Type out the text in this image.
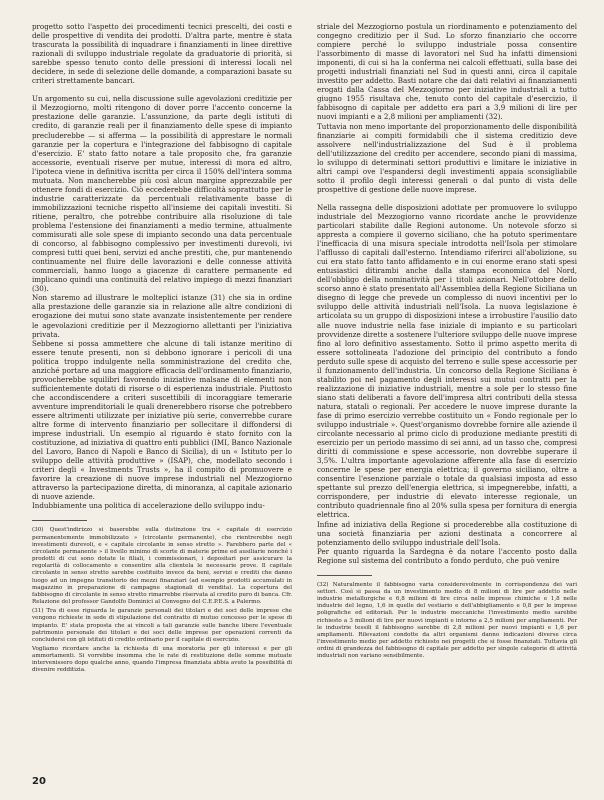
progetto sotto l'aspetto dei procedimenti tecnici prescelti, dei costi e delle prospettive di vendita dei prodotti. D'altra parte, mentre è stata trascurata la possibilità di inquadrare i finanziamenti in linee direttive razionali di sviluppo industriale regolate da graduatorie di priorità, si sarebbe spesso tenuto conto delle pressioni di interessi locali nel decidere, in sede di selezione delle domande, a comparazioni basate su criteri strettamente bancari.

Un argomento su cui, nella discussione sulle agevolazioni creditizie per il Mezzogiorno, molti ritengono di dover porre l'accento concerne la prestazione delle garanzie. L'assunzione, da parte degli istituti di credito, di garanzie reali per il finanziamento delle spese di impianto precluderebbe — si afferma — la possibilità di apprestare le normali garanzie per la copertura e l'integrazione del fabbisogno di capitale d'esercizio. E' stato fatto notare a tale proposito che, fra garanzie accessorie, eventuali riserve per mutue, interessi di mora ed altro, l'ipoteca viene in definitiva iscritta per circa il 150% dell'intera somma mutuata. Non mancherebbe più così alcun margine apprezzabile per ottenere fondi di esercizio. Ciò eccederebbe difficoltà soprattutto per le industrie caratterizzate da percentuali relativamente basse di immobilizzazioni tecniche rispetto all'insieme dei capitali investiti. Si ritiene, peraltro, che potrebbe contribuire alla risoluzione di tale problema l'estensione dei finanziamenti a medio termine, attualmente commisurati alle sole spese di impianto secondo una data percentuale di concorso, al fabbisogno complessivo per investimenti durevoli, ivi compresi tutti quei beni, servizi ed anche prestiti, che, pur mantenendo continuamente nel fluire delle lavorazioni e delle connesse attività commerciali, hanno luogo a giacenze di carattere permanente ed implicano quindi una continuità del relativo impiego di mezzi finanziari (30).

Non staremo ad illustrare le molteplici istanze (31) che sia in ordine alla prestazione delle garanzie sia in relazione alle altre condizioni di erogazione dei mutui sono state avanzate insistentemente per rendere le agevolazioni creditizie per il Mezzogiorno allettanti per l'iniziativa privata.

Sebbene si possa ammettere che alcune di tali istanze meritino di essere tenute presenti, non si debbono ignorare i pericoli di una politica troppo indulgente nella somministrazione del credito che, anziché portare ad una maggiore efficacia dell'ordinamento finanziario, provocherebbe squilibri favorendo iniziative malsane di elementi non sufficientemente dotati di risorse o di esperienza industriale. Piuttosto che accondiscendere a criteri suscettibili di incoraggiare temerarie avventure imprenditoriali le quali drenerebbero risorse che potrebbero essere altrimenti utilizzate per iniziative più serie, converrebbe curare altre forme di intervento finanziario per sollecitare il diffondersi di imprese industriali. Un esempio al riguardo è stato fornito con la costituzione, ad iniziativa di quattro enti pubblici (IMI, Banco Nazionale del Lavoro, Banco di Napoli e Banco di Sicilia), di un « Istituto per lo sviluppo delle attività produttive » (ISAP), che, modellato secondo i criteri degli « Investments Trusts », ha il compito di promuovere e favorire la creazione di nuove imprese industriali nel Mezzogiorno attraverso la partecipazione diretta, di minoranza, al capitale azionario di nuove aziende.

Indubbiamente una politica di accelerazione dello sviluppo indu-

(30) Quest'indirizzo si baserebbe sulla distinzione tra « capitale di esercizio permanentemente immobilizzato » (circolante permanente), che rientrerebbe negli investimenti durevoli, e « capitale circolante in senso stretto ». Farebbero parte del « circolante permanente » il livello minimo di scorte di materie prime ed ausiliarie nonché i prodotti di cui sono dotate le filiali, i commissionari, i depositari per assicurare la regolarità di collocamento e consentire alla clientela le necessarie prove. Il capitale circolante in senso stretto sarebbe costituito invece da beni, servizi e crediti che danno luogo ad un impegno transitorio dei mezzi finanziari (ad esempio prodotti accumulati in magazzino in preparazione di campagne stagionali di vendita). La copertura del fabbisogno di circolante in senso stretto rimarrebbe riservata al credito puro di banca. Cfr. Relazione del professor Gandolfo Dominici al Convegno del C.E.P.E.S. a Palermo.

(31) Tra di esse riguarda le garanzie personali dei titolari e dei soci delle imprese che vengono richieste in sede di stipulazione del contratto di mutuo concesso per le spese di impianto. E' stata proposta che ai vincoli a tali garanzie sulle banche libere l'eventuale patrimonio personale dei titolari e dei soci delle imprese per operazioni correnti da concludersi con gli istituti di credito ordinario per il capitale di esercizio.

Vogliamo ricordare anche la richiesta di una moratoria per gli interessi e per gli ammortamenti. Si vorrebbe insomma che le rate di restituzione delle somme mutuate intervenissero dopo qualche anno, quando l'impresa finanziata abbia avuto la possibilità di divenire redditizia.

striale del Mezzogiorno postula un riordinamento e potenziamento del congegno creditizio per il Sud. Lo sforzo finanziario che occorre compiere perché lo sviluppo industriale possa consentire l'assorbimento di masse di lavoratori nel Sud ha infatti dimensioni imponenti, di cui si ha la conferma nei calcoli effettuati, sulla base dei progetti industriali finanziati nel Sud in questi anni, circa il capitale investito per addetto. Basti notare che dai dati relativi ai finanziamenti erogati dalla Cassa del Mezzogiorno per iniziative industriali a tutto giugno 1955 risultava che, tenuto conto del capitale d'esercizio, il fabbisogno di capitale per addetto era pari a 3,9 milioni di lire per nuovi impianti e a 2,8 milioni per ampliamenti (32).

Tuttavia non meno importante del proporzionamento delle disponibilità finanziarie ai compiti formidabili che il sistema creditizio deve assolvere nell'industrializzazione del Sud è il problema dell'utilizzazione del credito per accendere, secondo piani di massima, lo sviluppo di determinati settori produttivi e limitare le iniziative in altri campi ove l'espandersi degli investimenti appaia sconsigliabile sotto il profilo degli interessi generali o dal punto di vista delle prospettive di gestione delle nuove imprese.

Nella rassegna delle disposizioni adottate per promuovere lo sviluppo industriale del Mezzogiorno vanno ricordate anche le provvidenze particolari stabilite dalle Regioni autonome. Un notevole sforzo si appresta a compiere il governo siciliano, che ha potuto sperimentare l'inefficacia di una misura speciale introdotta nell'Isola per stimolare l'afflusso di capitali dall'esterno. Intendiamo riferirci all'abolizione, su cui era stato fatto tanto affidamento e in cui enorme erano stati spesi entusiastici ditirambi anche dalla stampa economica del Nord, dell'obbligo della nominatività per i titoli azionari. Nell'ottobre dello scorso anno è stato presentato all'Assemblea della Regione Siciliana un disegno di legge che prevede un complesso di nuovi incentivi per lo sviluppo delle attività industriali nell'Isola. La nuova legislazione è articolata su un gruppo di disposizioni intese a irrobustire l'ausilio dato alle nuove industrie nella fase iniziale di impianto e su particolari provvidenze dirette a sostenere l'ulteriore sviluppo delle nuove imprese fino al loro definitivo assestamento. Sotto il primo aspetto merita di essere sottolineata l'adozione del principio del contributo a fondo perduto sulle spese di acquisto del terreno e sulle spese accessorie per il funzionamento dell'industria. Un concorso della Regione Siciliana è stabilito poi nel pagamento degli interessi sui mutui contratti per la realizzazione di iniziative industriali, mentre a sole per lo stesso fine siano stati deliberati a favore dell'impresa altri contributi della stessa natura, statali o regionali. Per accedere le nuove imprese durante la fase di primo esercizio verrebbe costituito un « Fondo regionale per lo sviluppo industriale ». Quest'organismo dovrebbe fornire alle aziende il circolante necessario al primo ciclo di produzione mediante prestiti di esercizio per un periodo massimo di sei anni, ad un tasso che, compresi diritti di commissione e spese accessorie, non dovrebbe superare il 3,5%. L'ultra importante agevolazione afferente alla fase di esercizio concerne le spese per energia elettrica; il governo siciliano, oltre a consentire l'esenzione parziale o totale da qualsiasi imposta ad esso spettante sul prezzo dell'energia elettrica, si impegnerebbe, infatti, a corrispondere, per industrie di elevato interesse regionale, un contributo quadriennale fino al 20% sulla spesa per fornitura di energia elettrica.

Infine ad iniziativa della Regione si procederebbe alla costituzione di una società finanziaria per azioni destinata a concorrere al potenziamento dello sviluppo industriale dell'Isola.

Per quanto riguarda la Sardegna è da notare l'accento posto dalla Regione sul sistema del contributo a fondo perduto, che può venire

(32) Naturalmente il fabbisogno varia considerevolmente in corrispondenza dei vari settori. Così si passa da un investimento medio di 8 milioni di lire per addetto nelle industrie metallurgiche e 6,8 milioni di lire circa nelle imprese chimiche e 1,8 nelle industrie del legno, 1,6 in quelle del vestiario e dell'abbigliamento e 0,8 per le imprese poligrafiche ed editoriali. Per le industrie meccaniche l'investimento medio sarebbe richiesto a 3 milioni di lire per nuovi impianti e intorno a 2,5 milioni per ampliamenti. Per le industrie tessili il fabbisogno sarebbe di 2,8 milioni per nuovi impianti e 1,6 per ampliamenti. Rilevazioni condotte da altri organismi danno indicazioni diverse circa l'investimento medio per addetto richiesto nei progetti che si fosse finanziati. Tuttavia gli ordini di grandezza del fabbisogno di capitale per addetto per singole categorie di attività industriali non variano sensibilmente.

20
